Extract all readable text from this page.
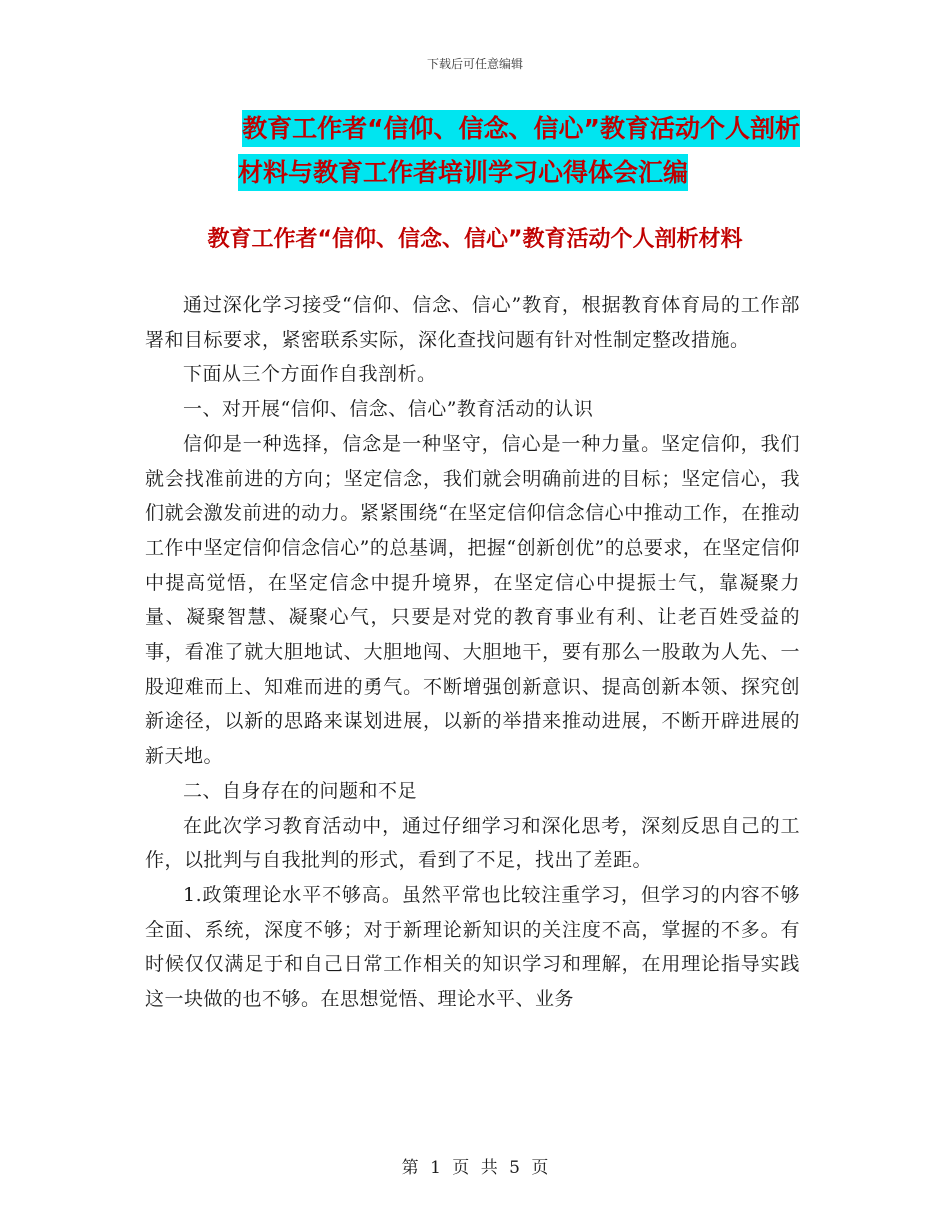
下载后可任意编辑
教育工作者“信仰、信念、信心”教育活动个人剖析
材料与教育工作者培训学习心得体会汇编
教育工作者“信仰、信念、信心”教育活动个人剖析材料

通过深化学习接受“信仰、信念、信心”教育，根据教育体育局的工作部署和目标要求，紧密联系实际，深化查找问题有针对性制定整改措施。

下面从三个方面作自我剖析。

一、对开展“信仰、信念、信心”教育活动的认识

信仰是一种选择，信念是一种坚守，信心是一种力量。坚定信仰，我们就会找准前进的方向；坚定信念，我们就会明确前进的目标；坚定信心，我们就会激发前进的动力。紧紧围绕“在坚定信仰信念信心中推动工作，在推动工作中坚定信仰信念信心”的总基调，把握“创新创优”的总要求，在坚定信仰中提高觉悟，在坚定信念中提升境界，在坚定信心中提振士气，靠凝聚力量、凝聚智慧、凝聚心气，只要是对党的教育事业有利、让老百姓受益的事，看准了就大胆地试、大胆地闯、大胆地干，要有那么一股敢为人先、一股迎难而上、知难而进的勇气。不断增强创新意识、提高创新本领、探究创新途径，以新的思路来谋划进展，以新的举措来推动进展，不断开辟进展的新天地。

二、自身存在的问题和不足

在此次学习教育活动中，通过仔细学习和深化思考，深刻反思自己的工作，以批判与自我批判的形式，看到了不足，找出了差距。

1.政策理论水平不够高。虽然平常也比较注重学习，但学习的内容不够全面、系统，深度不够；对于新理论新知识的关注度不高，掌握的不多。有时候仅仅满足于和自己日常工作相关的知识学习和理解，在用理论指导实践这一块做的也不够。在思想觉悟、理论水平、业务

第 1 页 共 5 页
